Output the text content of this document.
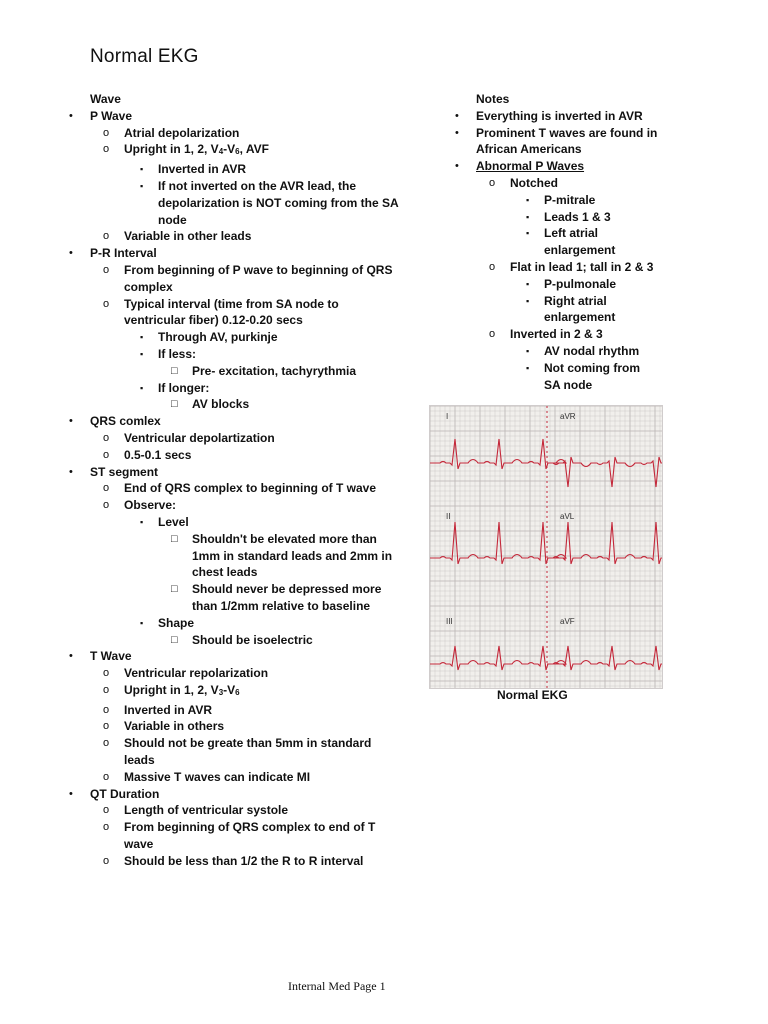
Normal EKG
Wave
• P Wave
o Atrial depolarization
o Upright in 1, 2, $V_4-V_6$, AVF
▪ Inverted in AVR
▪ If not inverted on the AVR lead, the
depolarization is NOT coming from the SA
node
o Variable in other leads
• P-R Interval
o From beginning of P wave to beginning of QRS
complex
o Typical interval (time from SA node to
ventricular fiber) 0.12-0.20 secs
▪ Through AV, purkinje
▪ If less:
□ Pre- excitation, tachyrythmia
▪ If longer:
□ AV blocks
• QRS comlex
o Ventricular depolartization
o 0.5-0.1 secs
• ST segment
o End of QRS complex to beginning of T wave
o Observe:
▪ Level
□ Shouldn't be elevated more than
1mm in standard leads and 2mm in
chest leads
□ Should never be depressed more
than 1/2mm relative to baseline
▪ Shape
□ Should be isoelectric
• T Wave
o Ventricular repolarization
o Upright in 1, 2, $V_3-V_6$
o Inverted in AVR
o Variable in others
o Should not be greate than 5mm in standard
leads
o Massive T waves can indicate MI
• QT Duration
o Length of ventricular systole
o From beginning of QRS complex to end of T
wave
o Should be less than 1/2 the R to R interval
Notes
• Everything is inverted in AVR
• Prominent T waves are found in
African Americans
• Abnormal P Waves
o Notched
▪ P-mitrale
▪ Leads 1 & 3
▪ Left atrial
enlargement
o Flat in lead 1; tall in 2 & 3
▪ P-pulmonale
▪ Right atrial
enlargement
o Inverted in 2 & 3
▪ AV nodal rhythm
▪ Not coming from
SA node
I	aVR
II	aVL
III	aVF
Normal EKG
Internal Med Page 1
